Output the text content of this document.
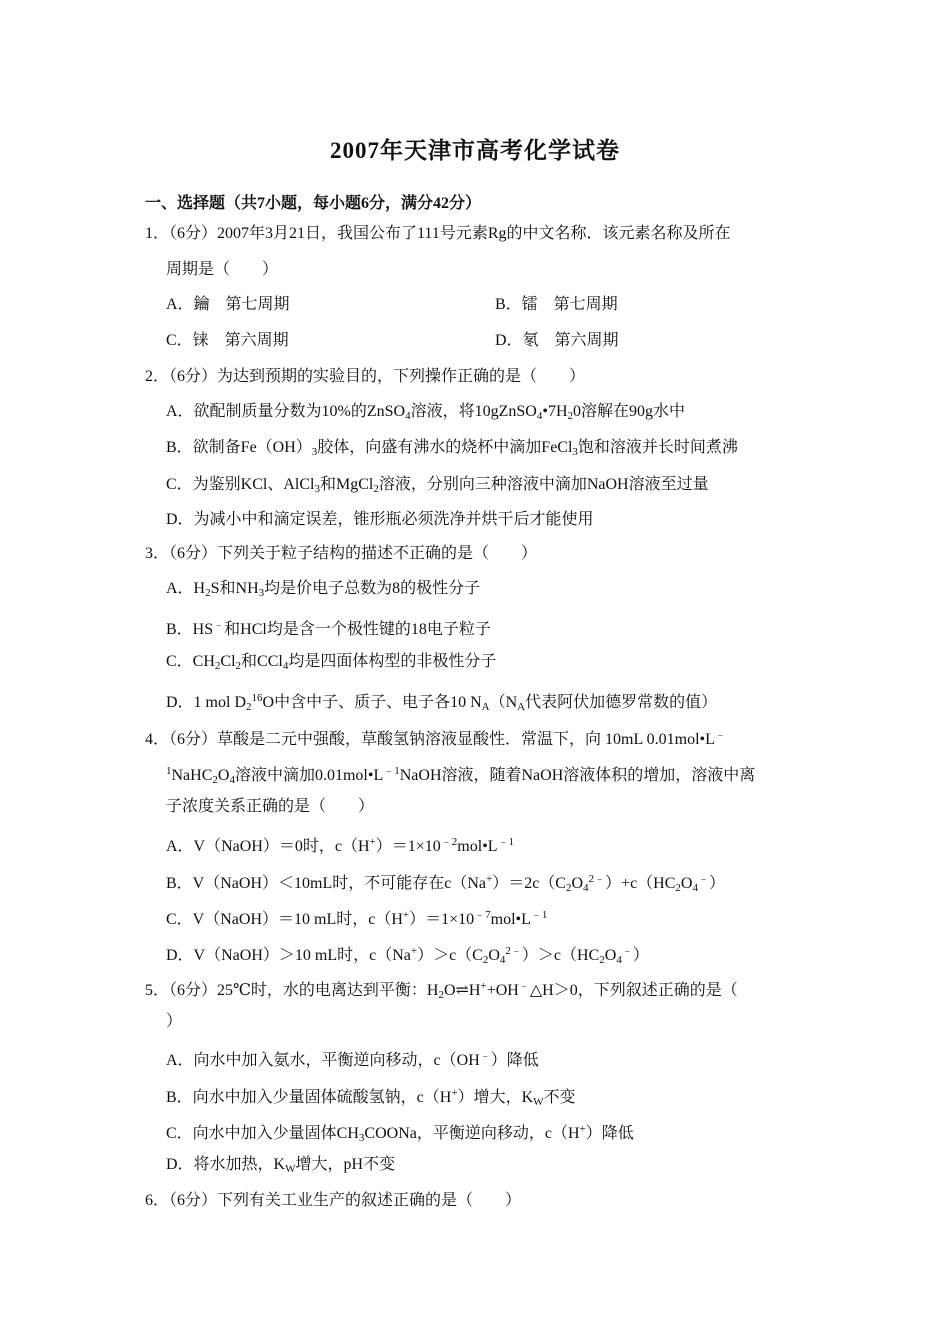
2007年天津市高考化学试卷
一、选择题（共7小题，每小题6分，满分42分）
1．（6分）2007年3月21日，我国公布了111号元素Rg的中文名称．该元素名称及所在
周期是（　　）
A．鑰　第七周期	B．镭　第七周期
C．铼　第六周期	D．氡　第六周期
2．（6分）为达到预期的实验目的，下列操作正确的是（　　）
A．欲配制质量分数为10%的ZnSO$_4$溶液，将$10gZnSO_4•7H_20$溶解在90g水中
B．欲制备$Fe(OH)_3$胶体，向盛有沸水的烧杯中滴加FeCl$_3$饱和溶液并长时间煮沸
C．为鉴别KCl、AlCl$_3$和MgCl$_2$溶液，分别向三种溶液中滴加NaOH溶液至过量
D．为减小中和滴定误差，锥形瓶必须洗净并烘干后才能使用
3．（6分）下列关于粒子结构的描述不正确的是（　　）
A．$H_2S$和$NH_3$均是价电子总数为8的极性分子
B．HS﹣和HCl均是含一个极性键的18电子粒子
C．$CH_2Cl_2$和CCl$_4$均是四面体构型的非极性分子
D．1 mol $D_2^{16}O$中含中子、质子、电子各10 $N_A(N_A$代表阿伏加德罗常数的值）
4．（6分）草酸是二元中强酸，草酸氢钠溶液显酸性．常温下，向 10mL 0.01mol•L﹣
$^1NaHC_2O_4$溶液中滴加$0.01mol•L^{﹣1}NaOH$溶液，随着NaOH溶液体积的增加，溶液中离
子浓度关系正确的是（　　）
A．V（NaOH）＝0时，$c(H^+)=1\times 10^{﹣2}mol•L^{﹣1}$
B．V（NaOH）＜10mL时，不可能存在$c(Na^+)=2c(C_2O_4^{2﹣})+c(HC_2O_4^﹣)$
C．V（NaOH）＝10 mL时，$c(H^+)=1\times 10^{﹣7}mol•L^{﹣1}$
D．V（NaOH）＞10 mL时，$c(Na^+)>c(C_2O_4^{2﹣})>c(HC_2O_4^﹣)$
5．（6分）25℃时，水的电离达到平衡：$H_2O\rightleftharpoons H^++OH^﹣\triangle H>0$，下列叙述正确的是（
）
A．向水中加入氨水，平衡逆向移动，c（OH﹣）降低
B．向水中加入少量固体硫酸氢钠，c（H+）增大，$K_W$不变
C．向水中加入少量固体$CH_3COONa$，平衡逆向移动，c（H+）降低
D．将水加热，$K_W$增大，pH不变
6．（6分）下列有关工业生产的叙述正确的是（　　）
